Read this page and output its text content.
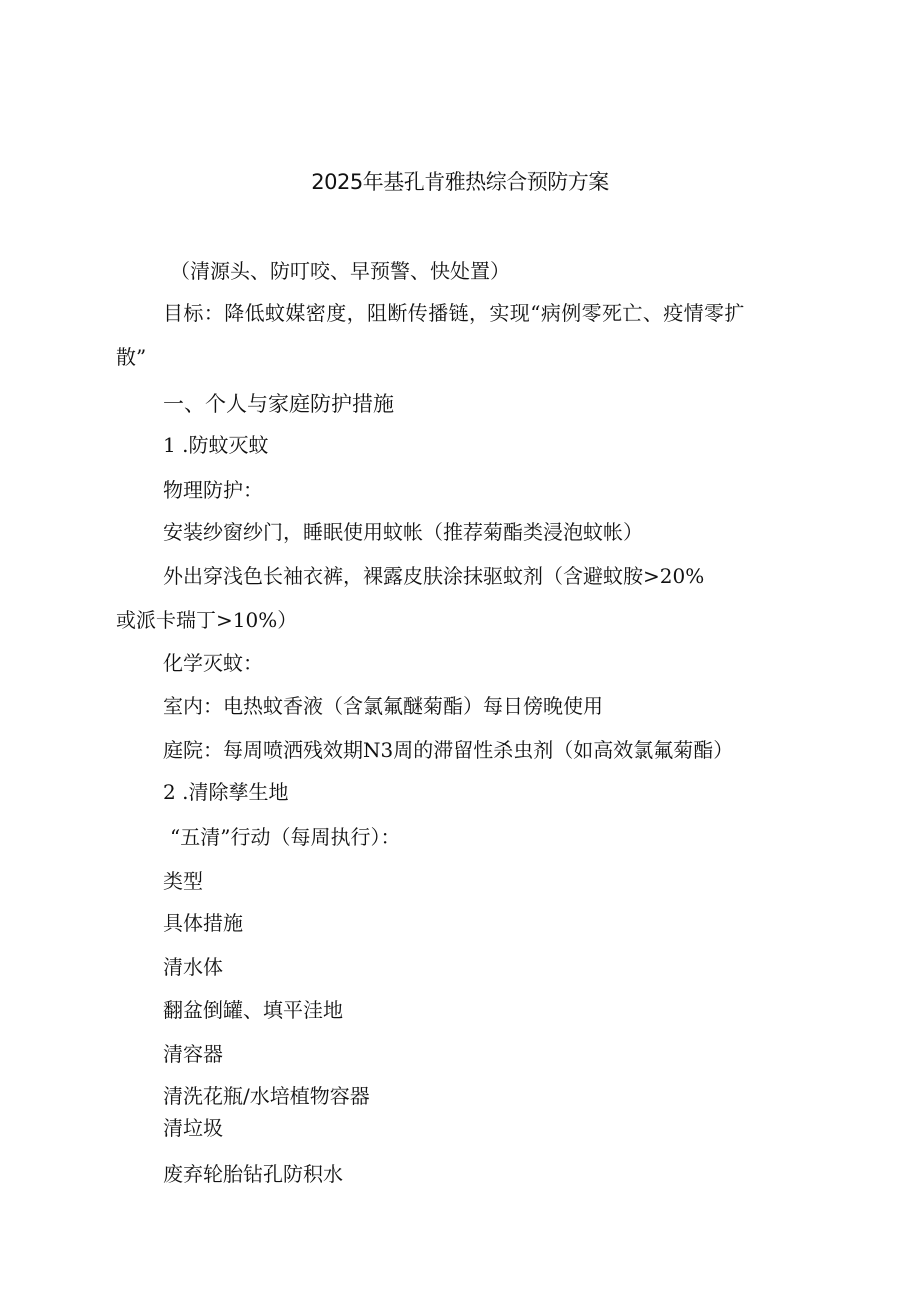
2025年基孔肯雅热综合预防方案
（清源头、防叮咬、早预警、快处置）
目标：降低蚊媒密度，阻断传播链，实现“病例零死亡、疫情零扩
散”
一、个人与家庭防护措施
1 .防蚊灭蚊
物理防护：
安装纱窗纱门，睡眠使用蚊帐（推荐菊酯类浸泡蚊帐）
外出穿浅色长袖衣裤，裸露皮肤涂抹驱蚊剂（含避蚊胺>20%
或派卡瑞丁>10%）
化学灭蚊：
室内：电热蚊香液（含氯氟醚菊酯）每日傍晚使用
庭院：每周喷洒残效期N3周的滞留性杀虫剂（如高效氯氟菊酯）
2 .清除孳生地
“五清”行动（每周执行）：
类型
具体措施
清水体
翻盆倒罐、填平洼地
清容器
清洗花瓶/水培植物容器
清垃圾
废弃轮胎钻孔防积水
